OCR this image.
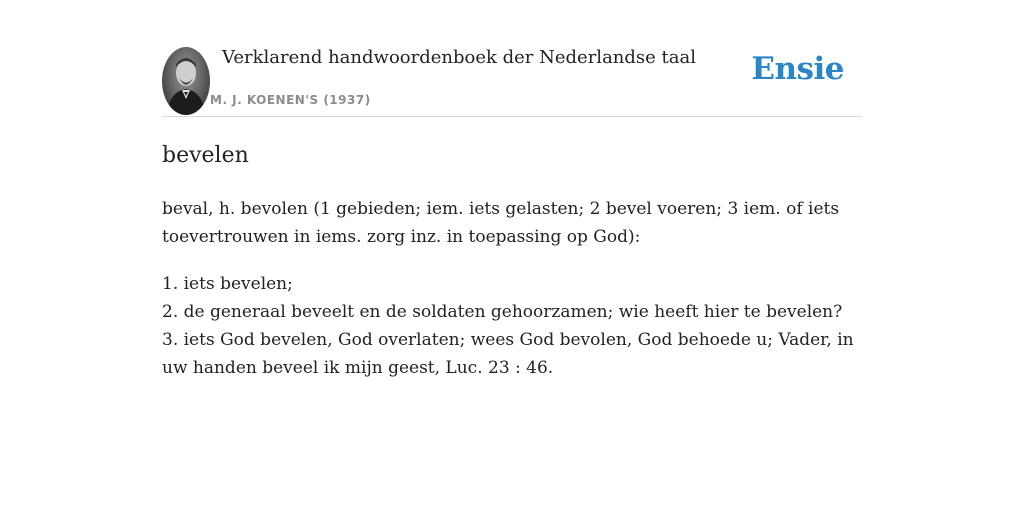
Verklarend handwoordenboek der Nederlandse taal
M. J. KOENEN'S (1937)
Ensie
bevelen

beval, h. bevolen (1 gebieden; iem. iets gelasten; 2 bevel voeren; 3 iem. of iets toevertrouwen in iems. zorg inz. in toepassing op God):

1. iets bevelen;
2. de generaal beveelt en de soldaten gehoorzamen; wie heeft hier te bevelen?
3. iets God bevelen, God overlaten; wees God bevolen, God behoede u; Vader, in uw handen beveel ik mijn geest, Luc. 23 : 46.
